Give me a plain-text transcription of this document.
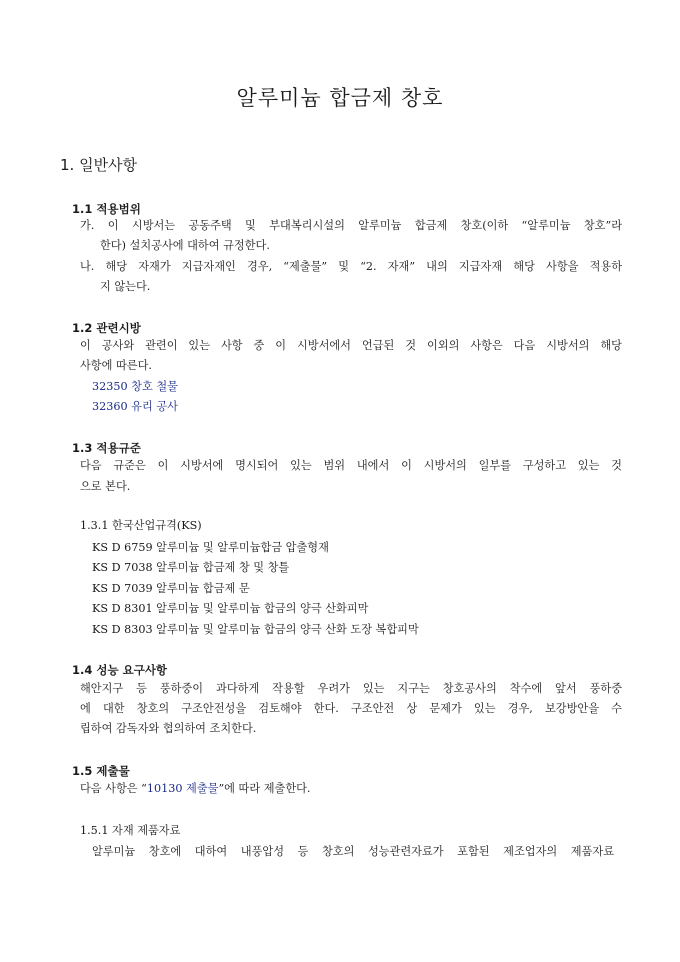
알루미늄 합금제 창호
1. 일반사항
1.1 적용범위
가. 이 시방서는 공동주택 및 부대복리시설의 알루미늄 합금제 창호(이하 “알루미늄 창호”라
한다) 설치공사에 대하여 규정한다.
나. 해당 자재가 지급자재인 경우, “제출물” 및 “2. 자재” 내의 지급자재 해당 사항을 적용하
지 않는다.
1.2 관련시방
이 공사와 관련이 있는 사항 중 이 시방서에서 언급된 것 이외의 사항은 다음 시방서의 해당
사항에 따른다.
32350 창호 철물
32360 유리 공사
1.3 적용규준
다음 규준은 이 시방서에 명시되어 있는 범위 내에서 이 시방서의 일부를 구성하고 있는 것
으로 본다.
1.3.1 한국산업규격(KS)
KS D 6759 알루미늄 및 알루미늄합금 압출형재
KS D 7038 알루미늄 합금제 창 및 창틀
KS D 7039 알루미늄 합금제 문
KS D 8301 알루미늄 및 알루미늄 합금의 양극 산화피막
KS D 8303 알루미늄 및 알루미늄 합금의 양극 산화 도장 복합피막
1.4 성능 요구사항
해안지구 등 풍하중이 과다하게 작용할 우려가 있는 지구는 창호공사의 착수에 앞서 풍하중
에 대한 창호의 구조안전성을 검토해야 한다. 구조안전 상 문제가 있는 경우, 보강방안을 수
립하여 감독자와 협의하여 조치한다.
1.5 제출물
다음 사항은 “10130 제출물”에 따라 제출한다.
1.5.1 자재 제품자료
알루미늄 창호에 대하여 내풍압성 등 창호의 성능관련자료가 포함된 제조업자의 제품자료
